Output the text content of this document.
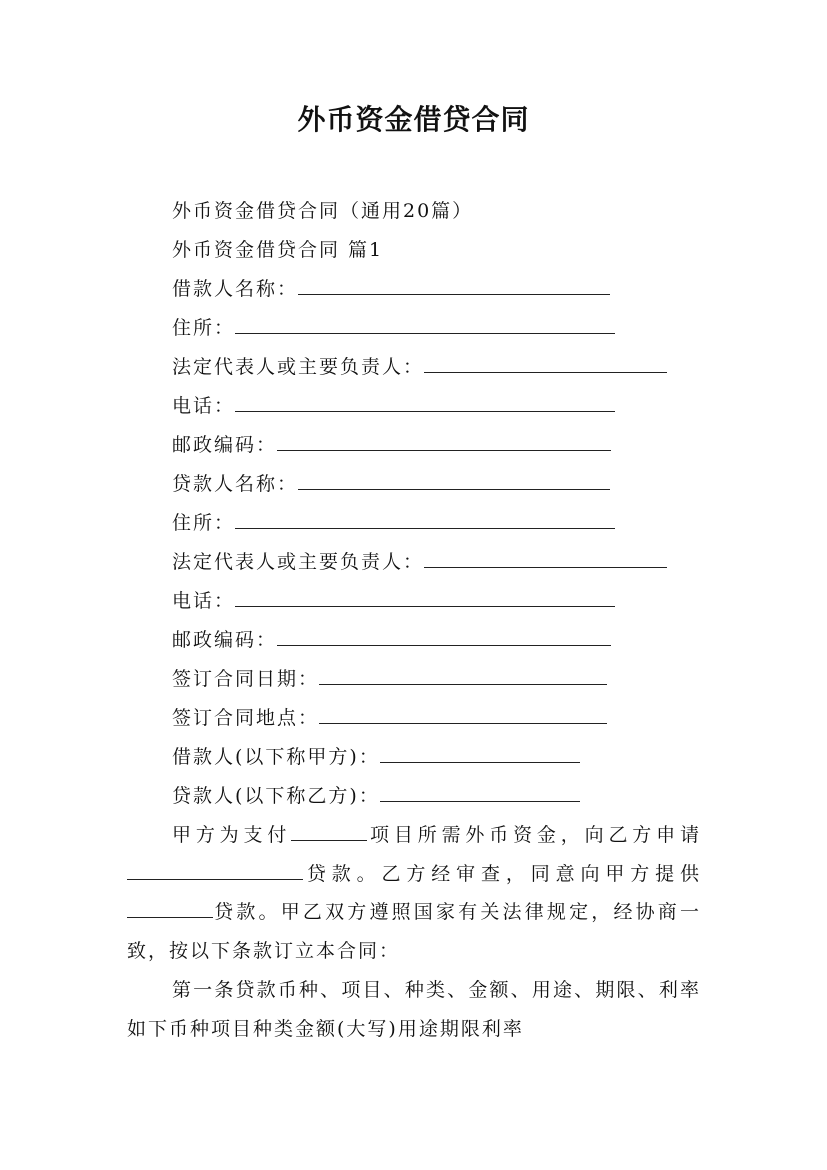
外币资金借贷合同
外币资金借贷合同（通用20篇）
外币资金借贷合同 篇1
借款人名称：
住所：
法定代表人或主要负责人：
电话：
邮政编码：
贷款人名称：
住所：
法定代表人或主要负责人：
电话：
邮政编码：
签订合同日期：
签订合同地点：
借款人(以下称甲方)：
贷款人(以下称乙方)：

甲方为支付	项目所需外币资金，向乙方申请贷款。乙方经审查，同意向甲方提供贷款。甲乙双方遵照国家有关法律规定，经协商一致，按以下条款订立本合同：

第一条贷款币种、项目、种类、金额、用途、期限、利率如下币种项目种类金额(大写)用途期限利率
